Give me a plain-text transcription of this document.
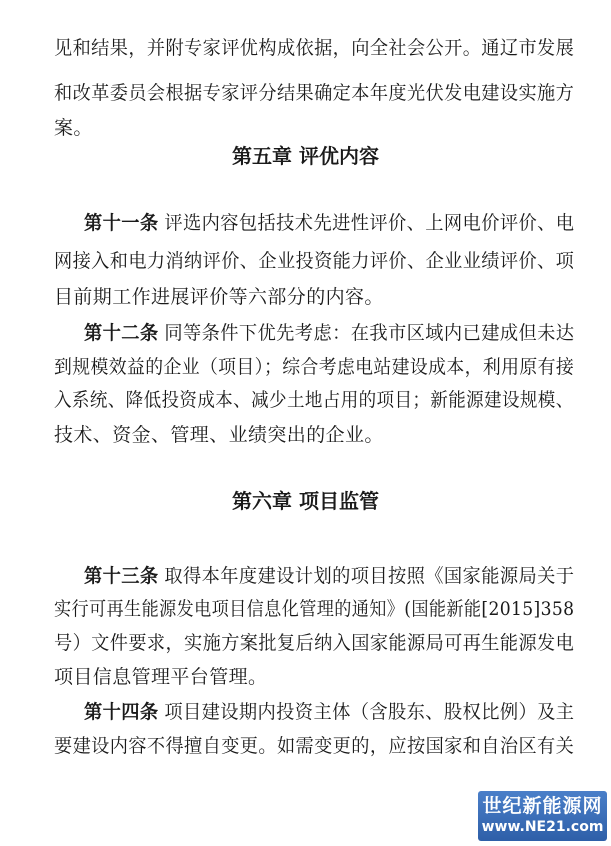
见和结果，并附专家评优构成依据，向全社会公开。通辽市发展
和改革委员会根据专家评分结果确定本年度光伏发电建设实施方
案。
第五章 评优内容
第十一条 评选内容包括技术先进性评价、上网电价评价、电
网接入和电力消纳评价、企业投资能力评价、企业业绩评价、项
目前期工作进展评价等六部分的内容。
第十二条 同等条件下优先考虑：在我市区域内已建成但未达
到规模效益的企业（项目）；综合考虑电站建设成本，利用原有接
入系统、降低投资成本、减少土地占用的项目；新能源建设规模、
技术、资金、管理、业绩突出的企业。
第六章 项目监管
第十三条 取得本年度建设计划的项目按照《国家能源局关于
实行可再生能源发电项目信息化管理的通知》(国能新能[2015]358
号）文件要求，实施方案批复后纳入国家能源局可再生能源发电
项目信息管理平台管理。
第十四条 项目建设期内投资主体（含股东、股权比例）及主
要建设内容不得擅自变更。如需变更的，应按国家和自治区有关
世纪新能源网
www.NE21.com
